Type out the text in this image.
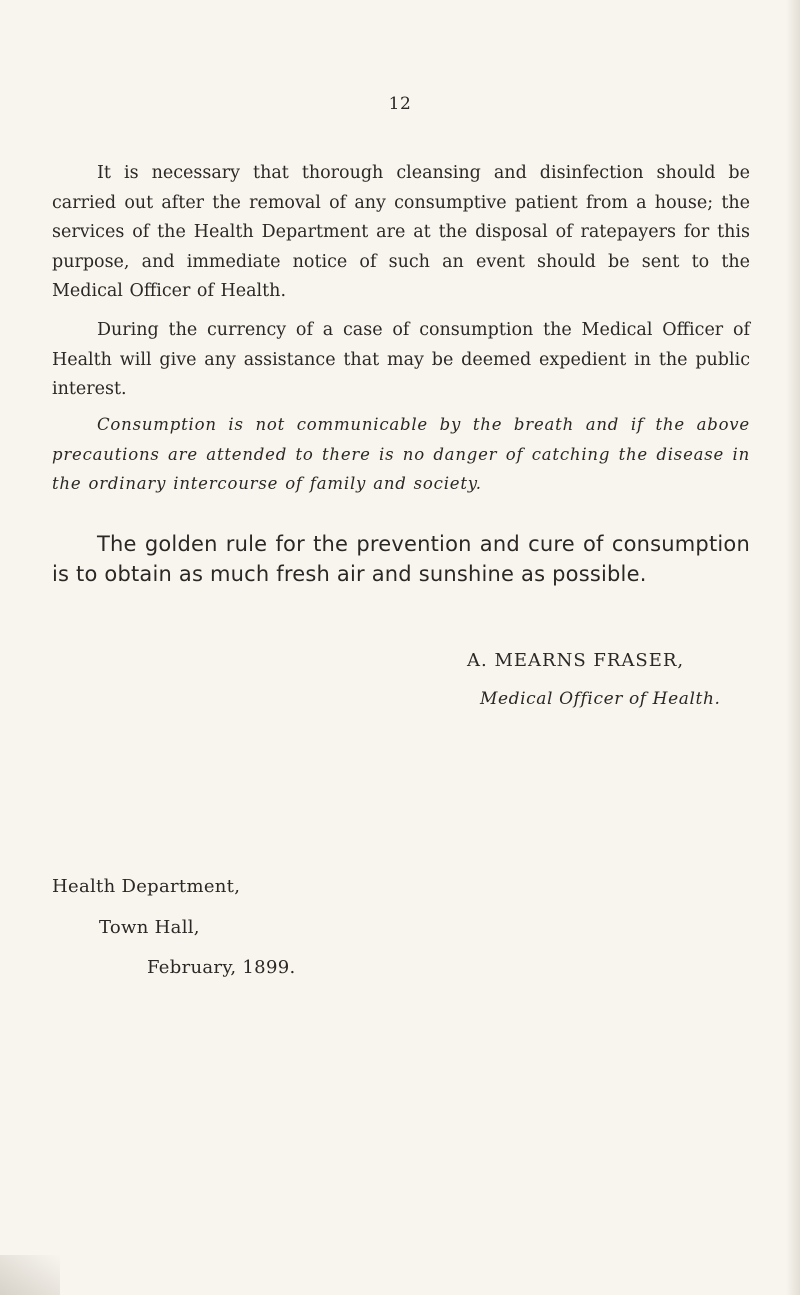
12
It is necessary that thorough cleansing and disinfection should be carried out after the removal of any consumptive patient from a house; the services of the Health Department are at the disposal of ratepayers for this purpose, and immediate notice of such an event should be sent to the Medical Officer of Health.
During the currency of a case of consumption the Medical Officer of Health will give any assistance that may be deemed expedient in the public interest.
Consumption is not communicable by the breath and if the above precautions are attended to there is no danger of catching the disease in the ordinary intercourse of family and society.
The golden rule for the prevention and cure of consumption is to obtain as much fresh air and sunshine as possible.
A. MEARNS FRASER,
Medical Officer of Health.
Health Department,
Town Hall,
February, 1899.
